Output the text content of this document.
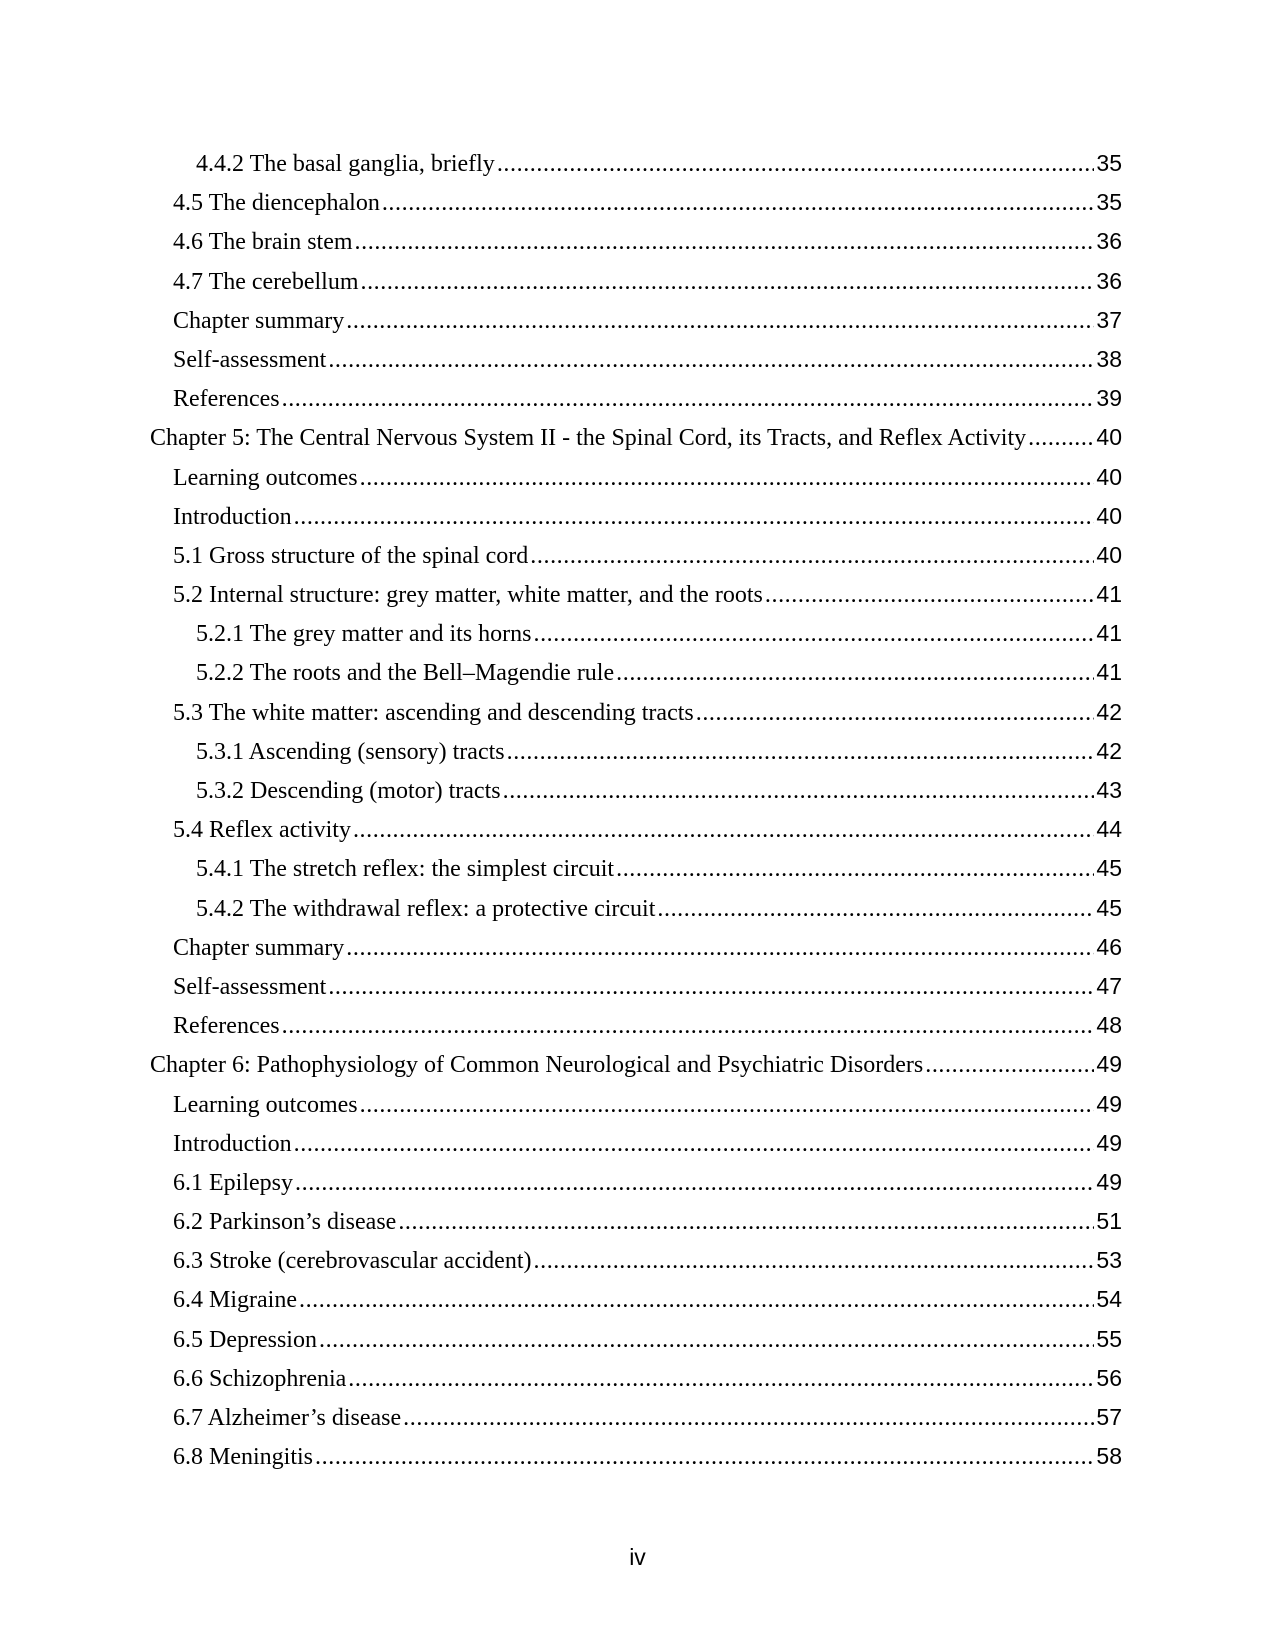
4.4.2 The basal ganglia, briefly .....	35
4.5 The diencephalon .....	35
4.6 The brain stem .....	36
4.7 The cerebellum .....	36
Chapter summary .....	37
Self-assessment .....	38
References .....	39
Chapter 5: The Central Nervous System II - the Spinal Cord, its Tracts, and Reflex Activity .....	40
Learning outcomes .....	40
Introduction .....	40
5.1 Gross structure of the spinal cord .....	40
5.2 Internal structure: grey matter, white matter, and the roots .....	41
5.2.1 The grey matter and its horns .....	41
5.2.2 The roots and the Bell–Magendie rule .....	41
5.3 The white matter: ascending and descending tracts .....	42
5.3.1 Ascending (sensory) tracts .....	42
5.3.2 Descending (motor) tracts .....	43
5.4 Reflex activity .....	44
5.4.1 The stretch reflex: the simplest circuit .....	45
5.4.2 The withdrawal reflex: a protective circuit .....	45
Chapter summary .....	46
Self-assessment .....	47
References .....	48
Chapter 6: Pathophysiology of Common Neurological and Psychiatric Disorders .....	49
Learning outcomes .....	49
Introduction .....	49
6.1 Epilepsy .....	49
6.2 Parkinson’s disease .....	51
6.3 Stroke (cerebrovascular accident) .....	53
6.4 Migraine .....	54
6.5 Depression .....	55
6.6 Schizophrenia .....	56
6.7 Alzheimer’s disease .....	57
6.8 Meningitis .....	58
iv
